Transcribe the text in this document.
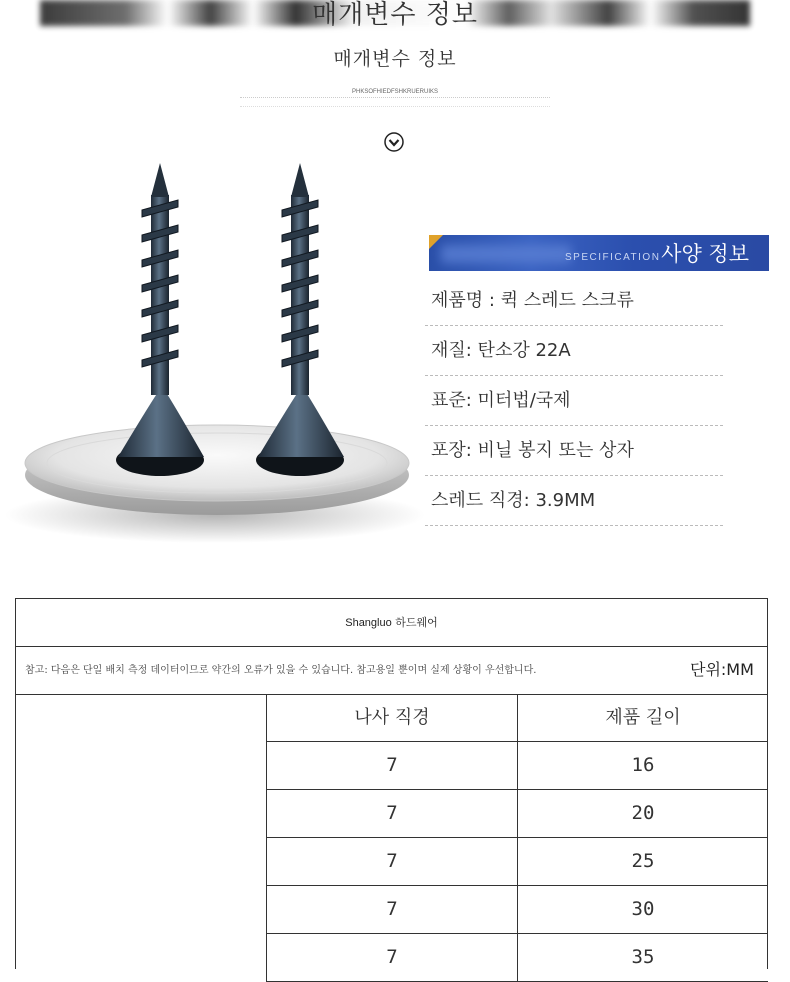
매개변수 정보
매개변수 정보
PHKSOFHIEDFSHKRUERUIKS
SPECIFICATION 사양 정보
제품명 : 퀵 스레드 스크류
재질: 탄소강 22A
표준: 미터법/국제
포장: 비닐 봉지 또는 상자
스레드 직경: 3.9MM
Shangluo 하드웨어
참고: 다음은 단일 배치 측정 데이터이므로 약간의 오류가 있을 수 있습니다. 참고용일 뿐이며 실제 상황이 우선합니다.	단위:MM
나사 직경	제품 길이
7	16
7	20
7	25
7	30
7	35
